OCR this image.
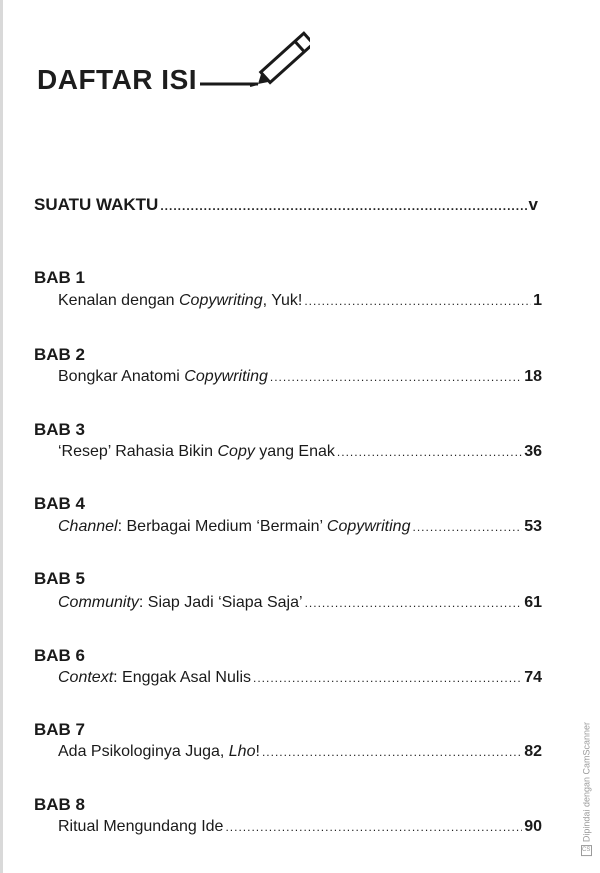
DAFTAR ISI
SUATU WAKTU .....	v
BAB 1
Kenalan dengan Copywriting, Yuk! .....	1
BAB 2
Bongkar Anatomi Copywriting .....	18
BAB 3
‘Resep’ Rahasia Bikin Copy yang Enak .....	36
BAB 4
Channel: Berbagai Medium ‘Bermain’ Copywriting .....	53
BAB 5
Community: Siap Jadi ‘Siapa Saja’ .....	61
BAB 6
Context: Enggak Asal Nulis .....	74
BAB 7
Ada Psikologinya Juga, Lho! .....	82
BAB 8
Ritual Mengundang Ide .....	90
CS
Dipindai dengan CamScanner
